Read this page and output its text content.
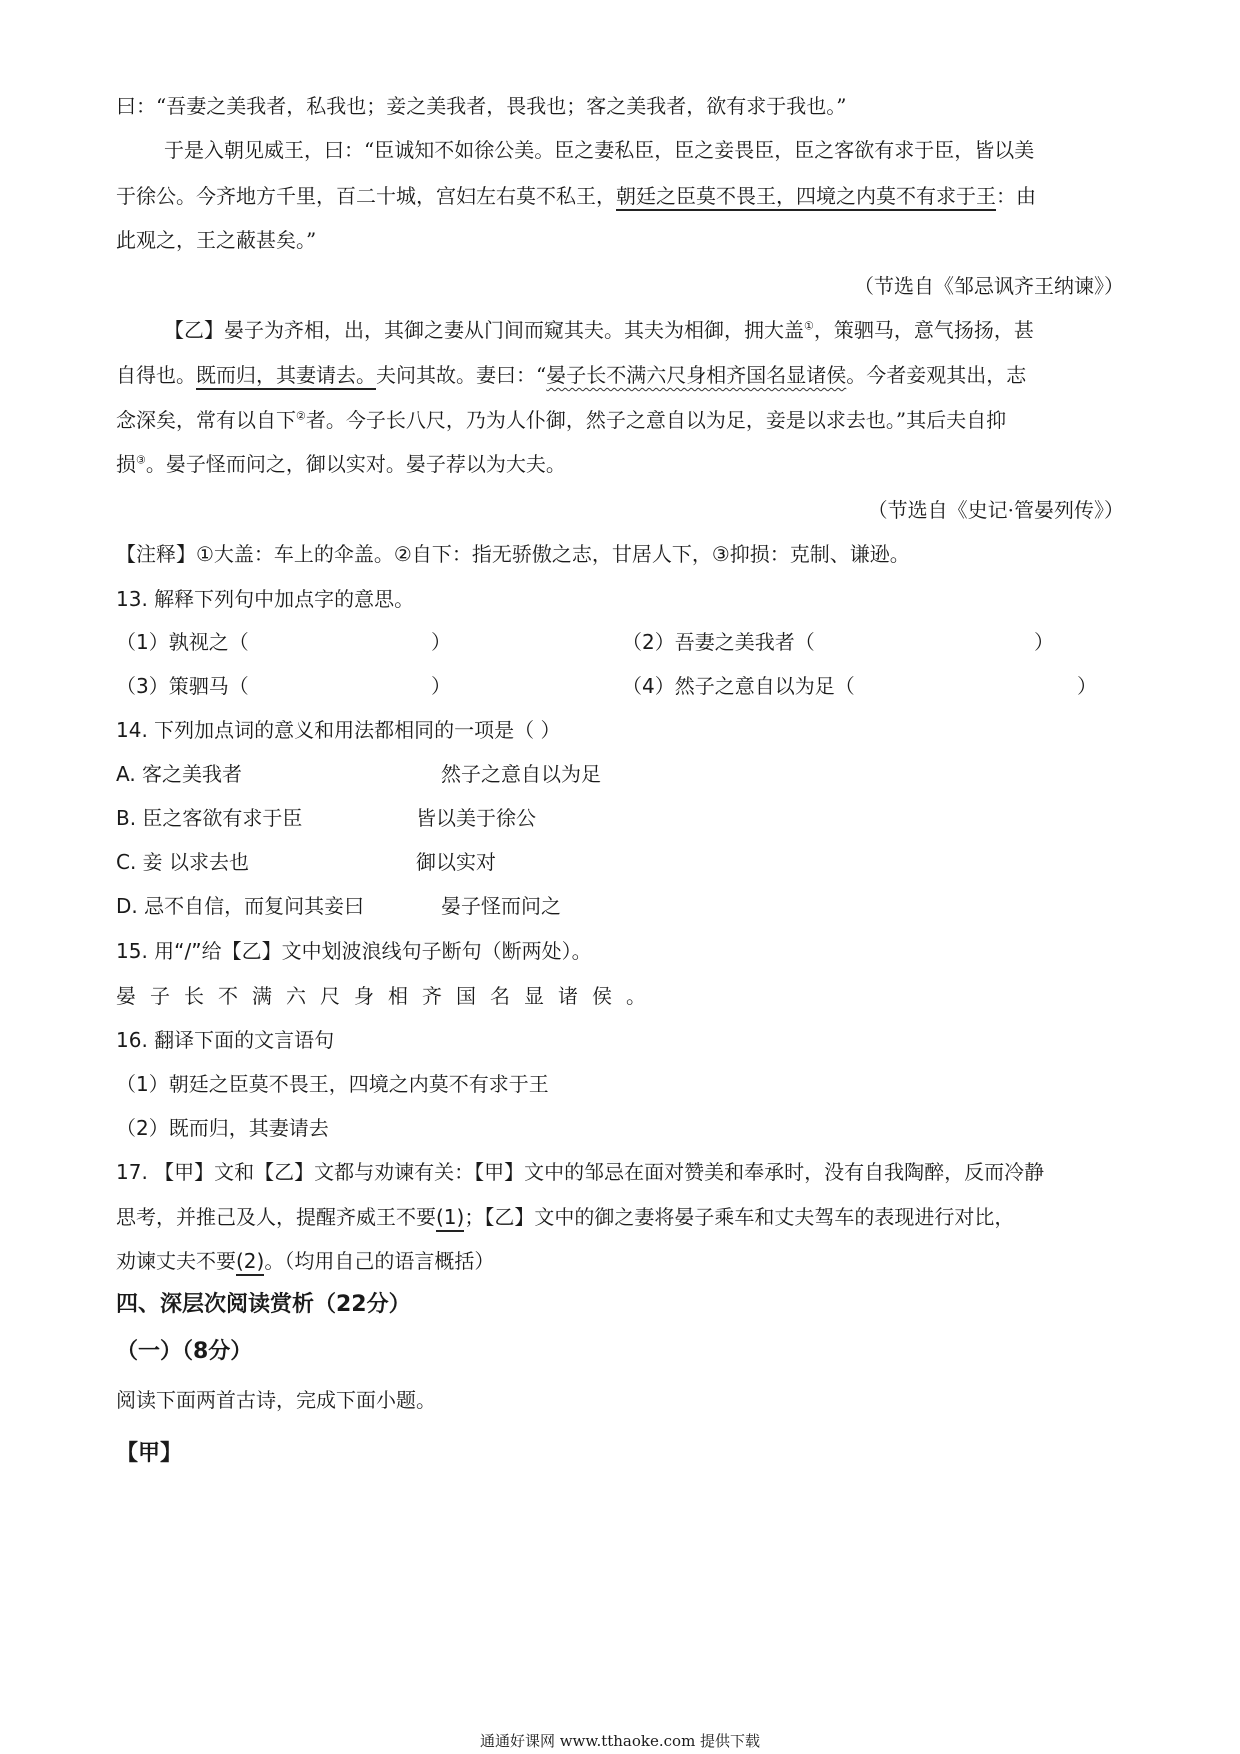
曰：“吾妻之美我者，私我也；妾之美我者，畏我也；客之美我者，欲有求于我也。”
于是入朝见威王，曰：“臣诚知不如徐公美。臣之妻私臣，臣之妾畏臣，臣之客欲有求于臣，皆以美
于徐公。今齐地方千里，百二十城，宫妇左右莫不私王，朝廷之臣莫不畏王，四境之内莫不有求于王：由
此观之，王之蔽甚矣。”
（节选自《邹忌讽齐王纳谏》）
【乙】晏子为齐相，出，其御之妻从门间而窥其夫。其夫为相御，拥大盖①，策驷马，意气扬扬，甚
自得也。既而归，其妻请去。夫问其故。妻曰：“晏子长不满六尺身相齐国名显诸侯。今者妾观其出，志
念深矣，常有以自下②者。今子长八尺，乃为人仆御，然子之意自以为足，妾是以求去也。”其后夫自抑
损③。晏子怪而问之，御以实对。晏子荐以为大夫。
（节选自《史记·管晏列传》）
【注释】①大盖：车上的伞盖。②自下：指无骄傲之志，甘居人下，③抑损：克制、谦逊。
13. 解释下列句中加点字的意思。
（1）孰视之（	）	（2）吾妻之美我者（	）
（3）策驷马（	）	（4）然子之意自以为足（	）
14. 下列加点词的意义和用法都相同的一项是（ ）
A. 客之美我者	然子之意自以为足
B. 臣之客欲有求于臣	皆以美于徐公
C. 妾 以求去也	御以实对
D. 忌不自信，而复问其妾曰	晏子怪而问之
15. 用“/”给【乙】文中划波浪线句子断句（断两处）。
晏子长不满六尺身相齐国名显诸侯。
16. 翻译下面的文言语句
（1）朝廷之臣莫不畏王，四境之内莫不有求于王
（2）既而归，其妻请去
17. 【甲】文和【乙】文都与劝谏有关：【甲】文中的邹忌在面对赞美和奉承时，没有自我陶醉，反而冷静
思考，并推己及人，提醒齐威王不要(1)；【乙】文中的御之妻将晏子乘车和丈夫驾车的表现进行对比，
劝谏丈夫不要(2)。（均用自己的语言概括）
四、深层次阅读赏析（22分）
（一）（8分）
阅读下面两首古诗，完成下面小题。
【甲】
通通好课网 www.tthaoke.com 提供下载
